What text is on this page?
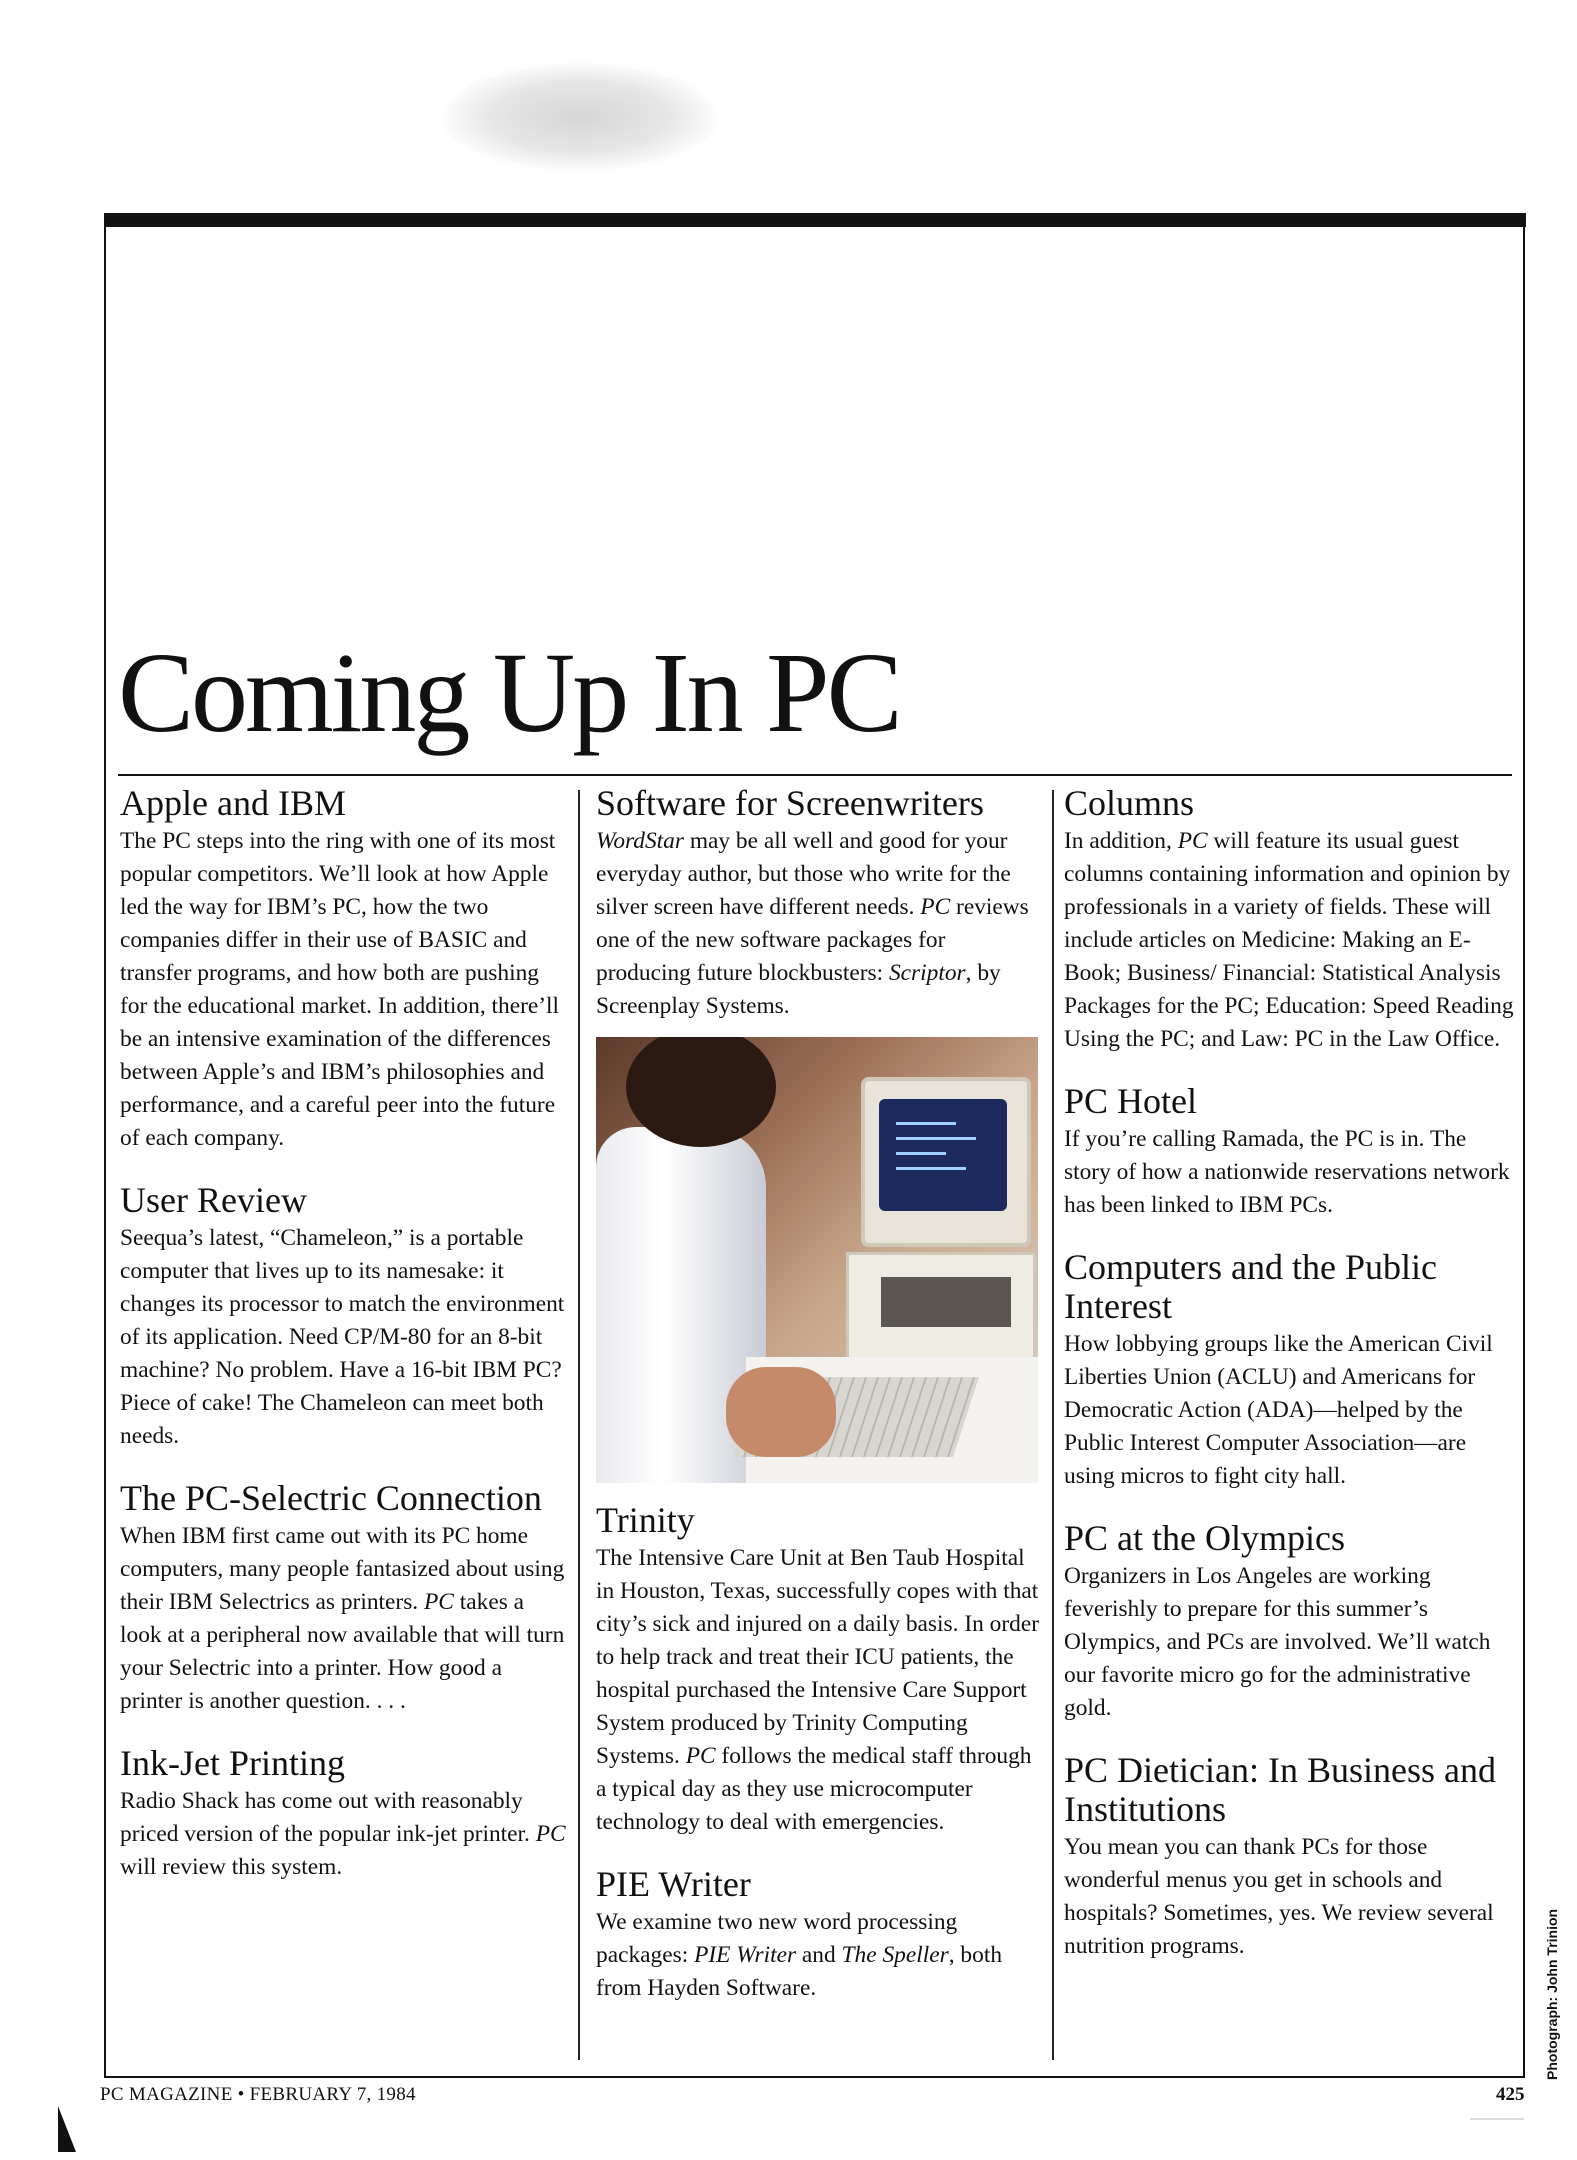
Coming Up In PC
Apple and IBM

The PC steps into the ring with one of its most popular competitors. We’ll look at how Apple led the way for IBM’s PC, how the two companies differ in their use of BASIC and transfer programs, and how both are pushing for the educational market. In addition, there’ll be an intensive examination of the differences between Apple’s and IBM’s philosophies and performance, and a careful peer into the future of each company.

User Review

Seequa’s latest, “Chameleon,” is a portable computer that lives up to its namesake: it changes its processor to match the environment of its application. Need CP/M-80 for an 8-bit machine? No problem. Have a 16-bit IBM PC? Piece of cake! The Chameleon can meet both needs.

The PC-Selectric Connection

When IBM first came out with its PC home computers, many people fantasized about using their IBM Selectrics as printers. PC takes a look at a peripheral now available that will turn your Selectric into a printer. How good a printer is another question. . . .

Ink-Jet Printing

Radio Shack has come out with reasonably priced version of the popular ink-jet printer. PC will review this system.

Software for Screenwriters

WordStar may be all well and good for your everyday author, but those who write for the silver screen have different needs. PC reviews one of the new software packages for producing future blockbusters: Scriptor, by Screenplay Systems.

Trinity

The Intensive Care Unit at Ben Taub Hospital in Houston, Texas, successfully copes with that city’s sick and injured on a daily basis. In order to help track and treat their ICU patients, the hospital purchased the Intensive Care Support System produced by Trinity Computing Systems. PC follows the medical staff through a typical day as they use microcomputer technology to deal with emergencies.

PIE Writer

We examine two new word processing packages: PIE Writer and The Speller, both from Hayden Software.

Columns

In addition, PC will feature its usual guest columns containing information and opinion by professionals in a variety of fields. These will include articles on Medicine: Making an E-Book; Business/ Financial: Statistical Analysis Packages for the PC; Education: Speed Reading Using the PC; and Law: PC in the Law Office.

PC Hotel

If you’re calling Ramada, the PC is in. The story of how a nationwide reservations network has been linked to IBM PCs.

Computers and the Public Interest

How lobbying groups like the American Civil Liberties Union (ACLU) and Americans for Democratic Action (ADA)—helped by the Public Interest Computer Association—are using micros to fight city hall.

PC at the Olympics

Organizers in Los Angeles are working feverishly to prepare for this summer’s Olympics, and PCs are involved. We’ll watch our favorite micro go for the administrative gold.

PC Dietician: In Business and Institutions

You mean you can thank PCs for those wonderful menus you get in schools and hospitals? Sometimes, yes. We review several nutrition programs.	Photograph: John Trinion

PC MAGAZINE • FEBRUARY 7, 1984	425
